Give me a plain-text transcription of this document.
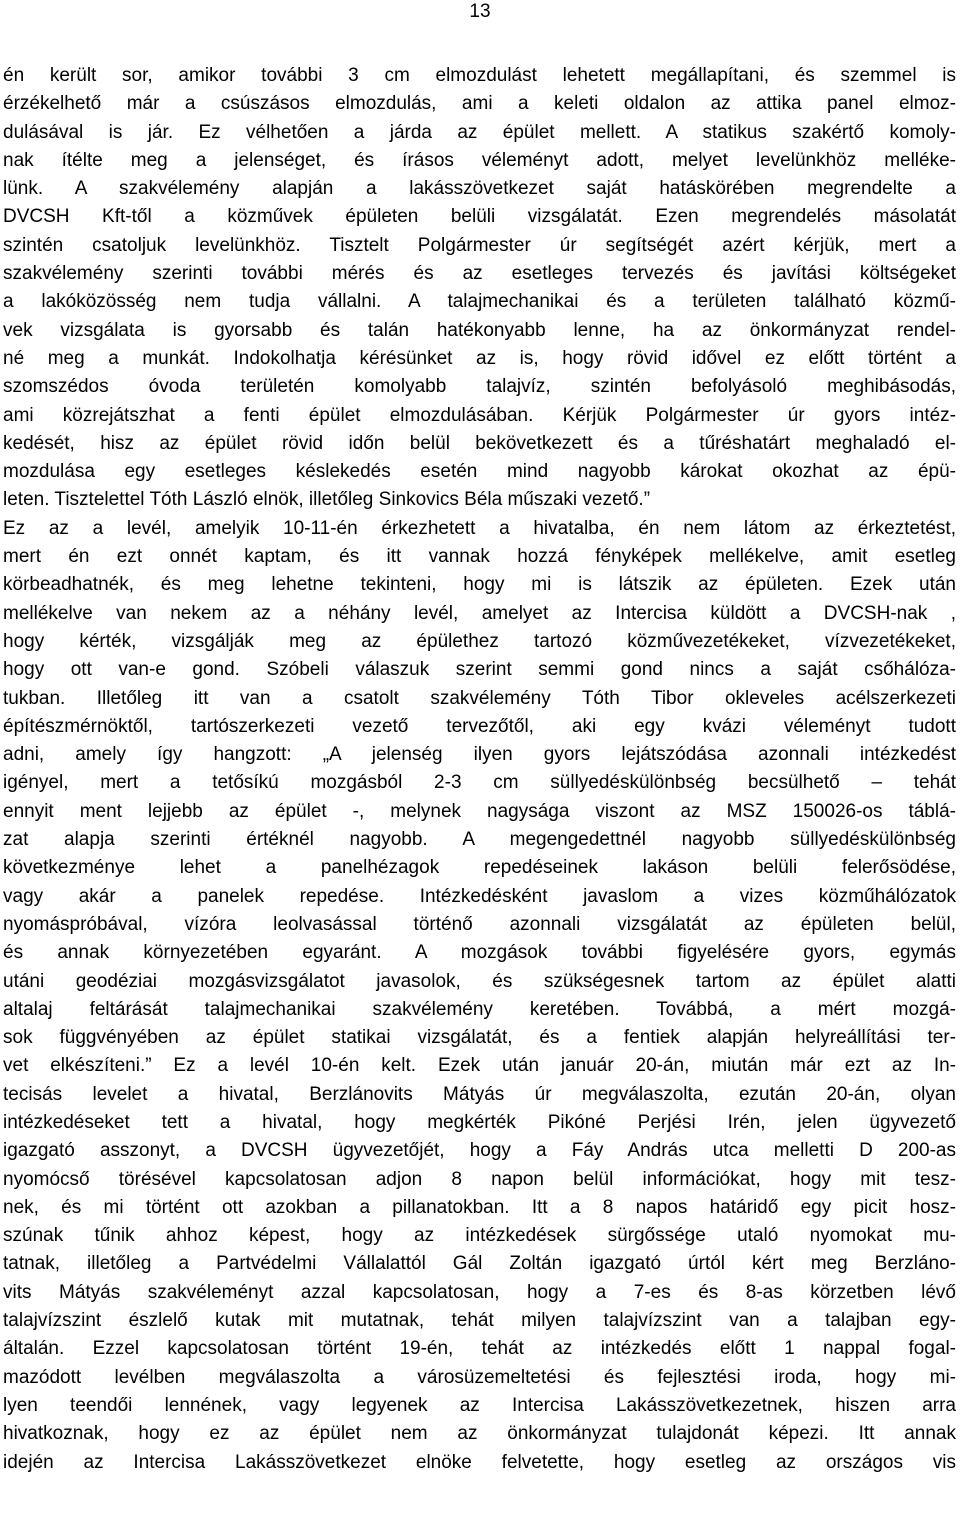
13
én került sor, amikor további 3 cm elmozdulást lehetett megállapítani, és szemmel is
érzékelhető már a csúszásos elmozdulás, ami a keleti oldalon az attika panel elmoz-
dulásával is jár. Ez vélhetően a járda az épület mellett. A statikus szakértő komoly-
nak ítélte meg a jelenséget, és írásos véleményt adott, melyet levelünkhöz melléke-
lünk. A szakvélemény alapján a lakásszövetkezet saját hatáskörében megrendelte a
DVCSH Kft-től a közművek épületen belüli vizsgálatát. Ezen megrendelés másolatát
szintén csatoljuk levelünkhöz. Tisztelt Polgármester úr segítségét azért kérjük, mert a
szakvélemény szerinti további mérés és az esetleges tervezés és javítási költségeket
a lakóközösség nem tudja vállalni. A talajmechanikai és a területen található közmű-
vek vizsgálata is gyorsabb és talán hatékonyabb lenne, ha az önkormányzat rendel-
né meg a munkát. Indokolhatja kérésünket az is, hogy rövid idővel ez előtt történt a
szomszédos óvoda területén komolyabb talajvíz, szintén befolyásoló meghibásodás,
ami közrejátszhat a fenti épület elmozdulásában. Kérjük Polgármester úr gyors intéz-
kedését, hisz az épület rövid időn belül bekövetkezett és a tűréshatárt meghaladó el-
mozdulása egy esetleges késlekedés esetén mind nagyobb károkat okozhat az épü-
leten. Tisztelettel Tóth László elnök, illetőleg Sinkovics Béla műszaki vezető.”
Ez az a levél, amelyik 10-11-én érkezhetett a hivatalba, én nem látom az érkeztetést,
mert én ezt onnét kaptam, és itt vannak hozzá fényképek mellékelve, amit esetleg
körbeadhatnék, és meg lehetne tekinteni, hogy mi is látszik az épületen. Ezek után
mellékelve van nekem az a néhány levél, amelyet az Intercisa küldött a DVCSH-nak ,
hogy kérték, vizsgálják meg az épülethez tartozó közművezetékeket, vízvezetékeket,
hogy ott van-e gond. Szóbeli válaszuk szerint semmi gond nincs a saját csőhálóza-
tukban. Illetőleg itt van a csatolt szakvélemény Tóth Tibor okleveles acélszerkezeti
építészmérnöktől, tartószerkezeti vezető tervezőtől, aki egy kvázi véleményt tudott
adni, amely így hangzott: „A jelenség ilyen gyors lejátszódása azonnali intézkedést
igényel, mert a tetősíkú mozgásból 2-3 cm süllyedéskülönbség becsülhető – tehát
ennyit ment lejjebb az épület -, melynek nagysága viszont az MSZ 150026-os táblá-
zat alapja szerinti értéknél nagyobb. A megengedettnél nagyobb süllyedéskülönbség
következménye lehet a panelhézagok repedéseinek lakáson belüli felerősödése,
vagy akár a panelek repedése. Intézkedésként javaslom a vizes közműhálózatok
nyomáspróbával, vízóra leolvasással történő azonnali vizsgálatát az épületen belül,
és annak környezetében egyaránt. A mozgások további figyelésére gyors, egymás
utáni geodéziai mozgásvizsgálatot javasolok, és szükségesnek tartom az épület alatti
altalaj feltárását talajmechanikai szakvélemény keretében. Továbbá, a mért mozgá-
sok függvényében az épület statikai vizsgálatát, és a fentiek alapján helyreállítási ter-
vet elkészíteni.” Ez a levél 10-én kelt. Ezek után január 20-án, miután már ezt az In-
tecisás levelet a hivatal, Berzlánovits Mátyás úr megválaszolta, ezután 20-án, olyan
intézkedéseket tett a hivatal, hogy megkérték Pikóné Perjési Irén, jelen ügyvezető
igazgató asszonyt, a DVCSH ügyvezetőjét, hogy a Fáy András utca melletti D 200-as
nyomócső törésével kapcsolatosan adjon 8 napon belül információkat, hogy mit tesz-
nek, és mi történt ott azokban a pillanatokban. Itt a 8 napos határidő egy picit hosz-
szúnak tűnik ahhoz képest, hogy az intézkedések sürgőssége utaló nyomokat mu-
tatnak, illetőleg a Partvédelmi Vállalattól Gál Zoltán igazgató úrtól kért meg Berzlánо-
vits Mátyás szakvéleményt azzal kapcsolatosan, hogy a 7-es és 8-as körzetben lévő
talajvízszint észlelő kutak mit mutatnak, tehát milyen talajvízszint van a talajban egy-
általán. Ezzel kapcsolatosan történt 19-én, tehát az intézkedés előtt 1 nappal fogal-
mazódott levélben megválaszolta a városüzemeltetési és fejlesztési iroda, hogy mi-
lyen teendői lennének, vagy legyenek az Intercisa Lakásszövetkezetnek, hiszen arra
hivatkoznak, hogy ez az épület nem az önkormányzat tulajdonát képezi. Itt annak
idején az Intercisa Lakásszövetkezet elnöke felvetette, hogy esetleg az országos vis
